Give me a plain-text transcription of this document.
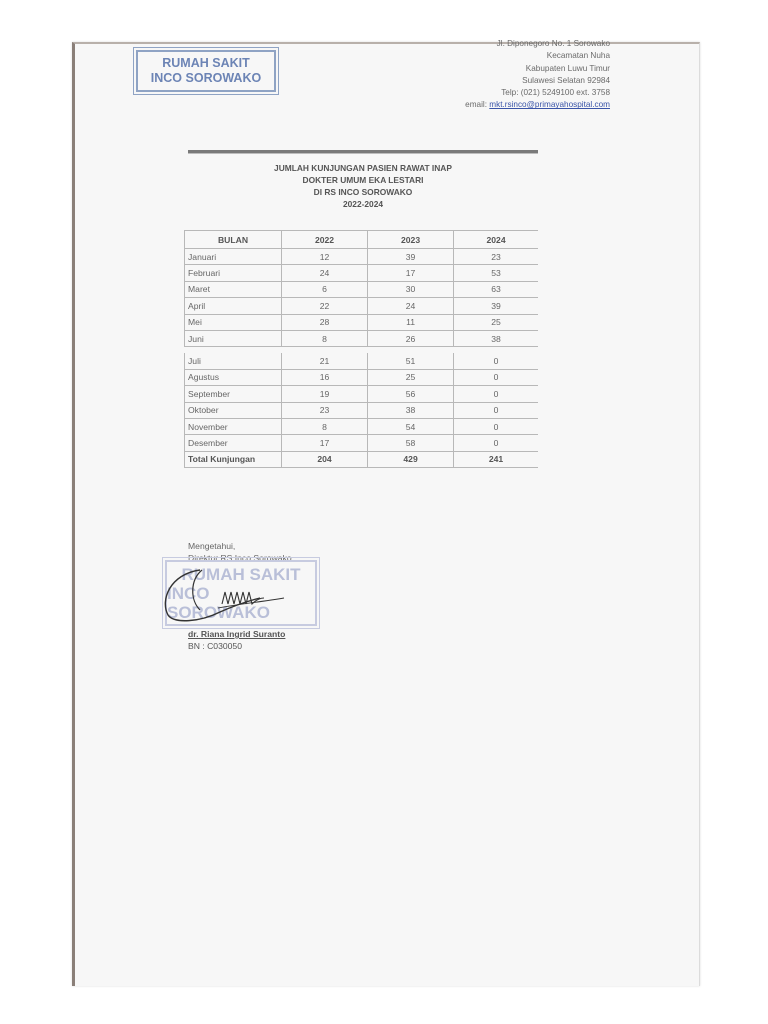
RUMAH SAKIT
INCO SOROWAKO
Jl. Diponegoro No. 1 Sorowako
Kecamatan Nuha
Kabupaten Luwu Timur
Sulawesi Selatan 92984
Telp: (021) 5249100 ext. 3758
email: mkt.rsinco@primayahospital.com
JUMLAH KUNJUNGAN PASIEN RAWAT INAP
DOKTER UMUM EKA LESTARI
DI RS INCO SOROWAKO
2022-2024
BULAN	2022	2023	2024
Januari	12	39	23
Februari	24	17	53
Maret	6	30	63
April	22	24	39
Mei	28	11	25
Juni	8	26	38

Juli	21	51	0
Agustus	16	25	0
September	19	56	0
Oktober	23	38	0
November	8	54	0
Desember	17	58	0
Total Kunjungan	204	429	241
Mengetahui,
Direktur RS Inco Sorowako
RUMAH SAKIT
INCO SOROWAKO
dr. Riana Ingrid Suranto
BN : C030050
